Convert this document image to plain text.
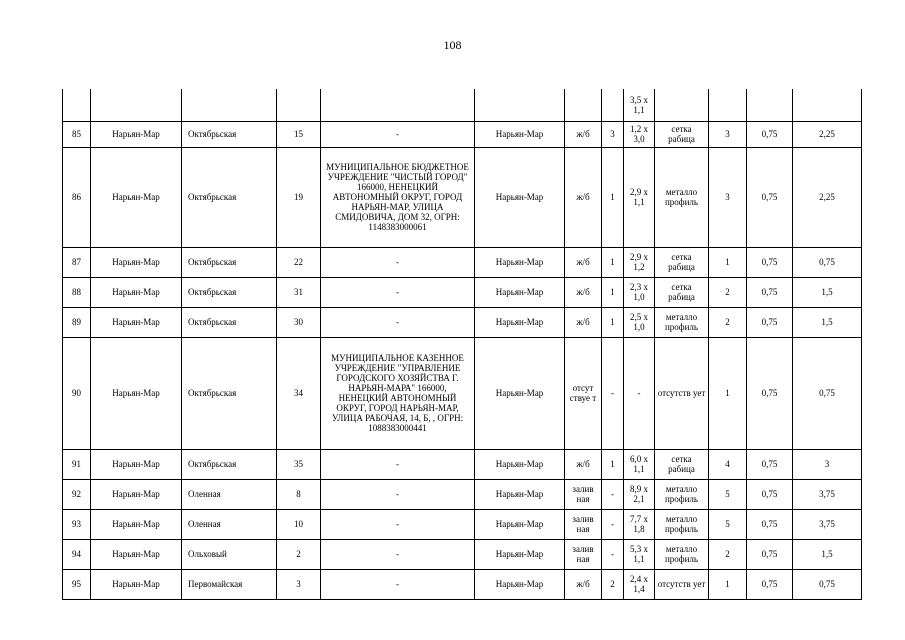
108
								3,5 х 1,1				
85	Нарьян-Мар	Октябрьская	15	-	Нарьян-Мар	ж/б	3	1,2 х 3,0	сетка рабица	3	0,75	2,25
86	Нарьян-Мар	Октябрьская	19	МУНИЦИПАЛЬНОЕ БЮДЖЕТНОЕ УЧРЕЖДЕНИЕ "ЧИСТЫЙ ГОРОД" 166000, НЕНЕЦКИЙ АВТОНОМНЫЙ ОКРУГ, ГОРОД НАРЬЯН-МАР, УЛИЦА СМИДОВИЧА, ДОМ 32, ОГРН: 1148383000061	Нарьян-Мар	ж/б	1	2,9 х 1,1	металло профиль	3	0,75	2,25
87	Нарьян-Мар	Октябрьская	22	-	Нарьян-Мар	ж/б	1	2,9 х 1,2	сетка рабица	1	0,75	0,75
88	Нарьян-Мар	Октябрьская	31	-	Нарьян-Мар	ж/б	1	2,3 х 1,0	сетка рабица	2	0,75	1,5
89	Нарьян-Мар	Октябрьская	30	-	Нарьян-Мар	ж/б	1	2,5 х 1,0	металло профиль	2	0,75	1,5
90	Нарьян-Мар	Октябрьская	34	МУНИЦИПАЛЬНОЕ КАЗЕННОЕ УЧРЕЖДЕНИЕ "УПРАВЛЕНИЕ ГОРОДСКОГО ХОЗЯЙСТВА Г. НАРЬЯН-МАРА" 166000, НЕНЕЦКИЙ АВТОНОМНЫЙ ОКРУГ, ГОРОД НАРЬЯН-МАР, УЛИЦА РАБОЧАЯ, 14, Б, , ОГРН: 1088383000441	Нарьян-Мар	отсут ствуе т	-	-	отсутств ует	1	0,75	0,75
91	Нарьян-Мар	Октябрьская	35	-	Нарьян-Мар	ж/б	1	6,0 х 1,1	сетка рабица	4	0,75	3
92	Нарьян-Мар	Оленная	8	-	Нарьян-Мар	залив ная	-	8,9 х 2,1	металло профиль	5	0,75	3,75
93	Нарьян-Мар	Оленная	10	-	Нарьян-Мар	залив ная	-	7,7 х 1,8	металло профиль	5	0,75	3,75
94	Нарьян-Мар	Ольховый	2	-	Нарьян-Мар	залив ная	-	5,3 х 1,1	металло профиль	2	0,75	1,5
95	Нарьян-Мар	Первомайская	3	-	Нарьян-Мар	ж/б	2	2,4 х 1,4	отсутств ует	1	0,75	0,75
